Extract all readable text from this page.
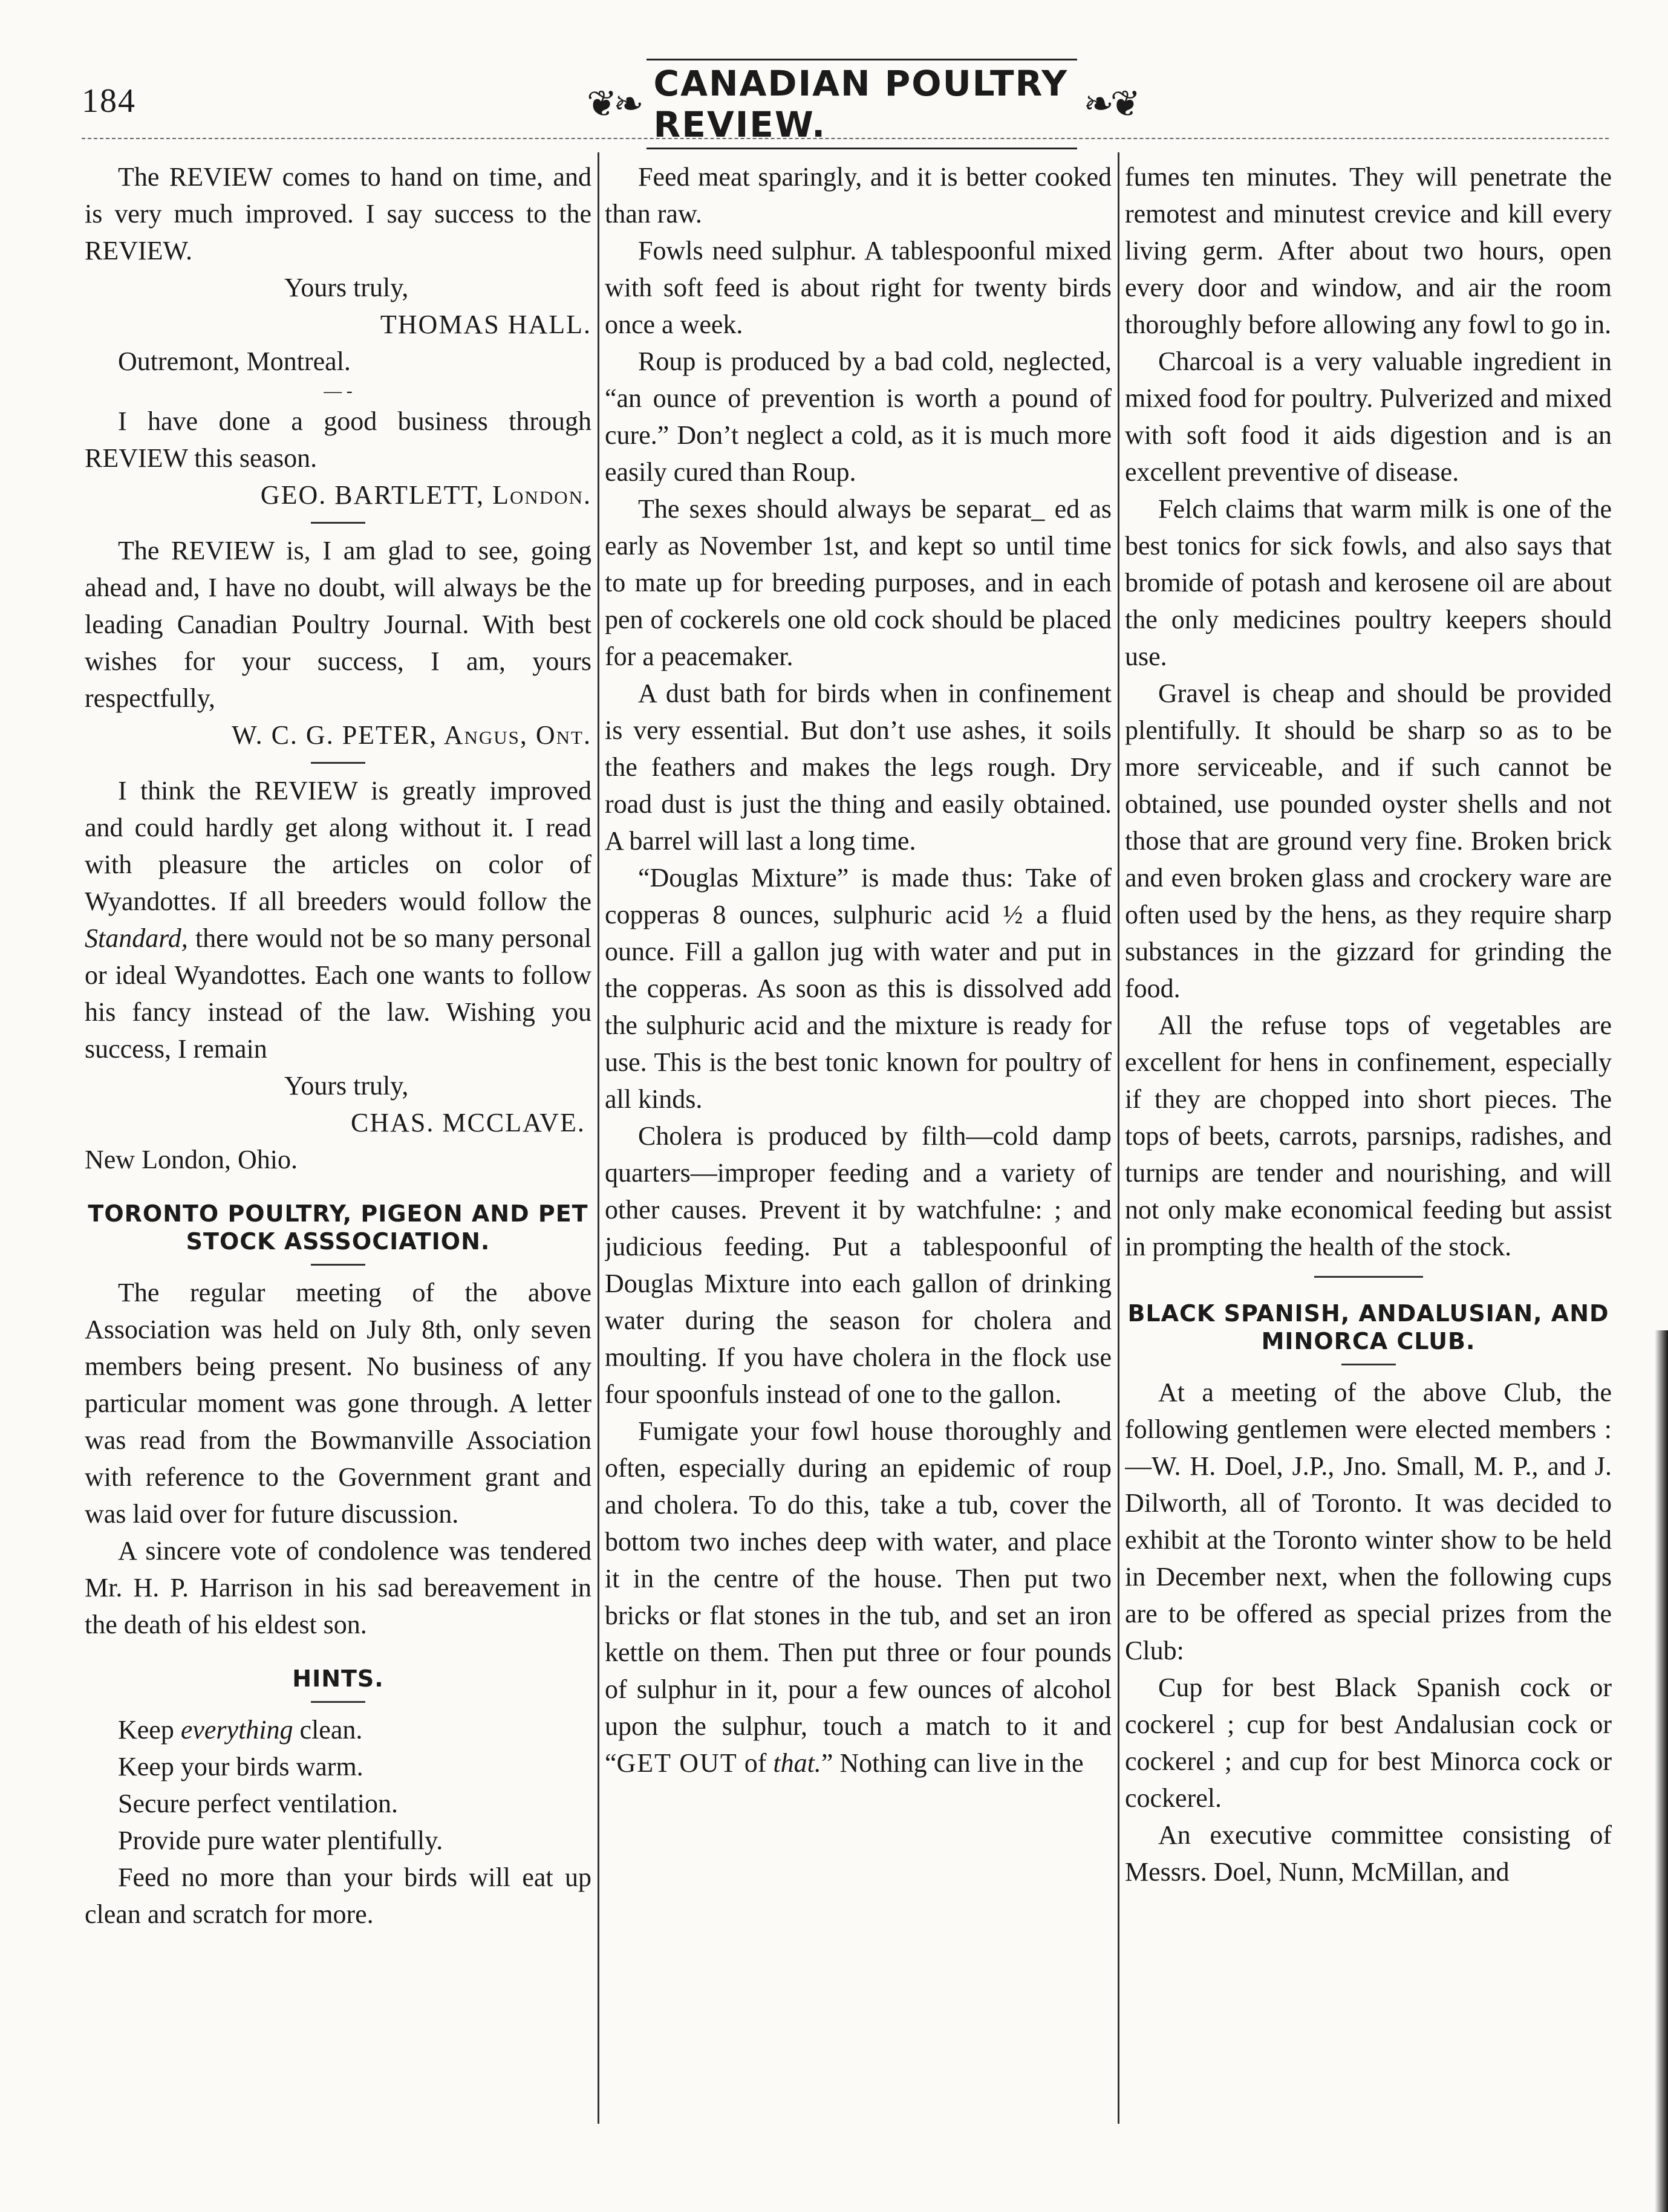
184	❦❧ CANADIAN POULTRY REVIEW.	❧❦

The REVIEW comes to hand on time, and is very much improved. I say success to the REVIEW.

Yours truly,

THOMAS HALL.

Outremont, Montreal.

— -

I have done a good business through REVIEW this season.

GEO. BARTLETT, London.

The REVIEW is, I am glad to see, going ahead and, I have no doubt, will always be the leading Canadian Poultry Journal. With best wishes for your success, I am, yours respectfully,

W. C. G. PETER, Angus, Ont.

I think the REVIEW is greatly improved and could hardly get along without it. I read with pleasure the articles on color of Wyandottes. If all breeders would follow the Standard, there would not be so many personal or ideal Wyandottes. Each one wants to follow his fancy instead of the law. Wishing you success, I remain

Yours truly,

CHAS. MCCLAVE.

New London, Ohio.

TORONTO POULTRY, PIGEON AND PET STOCK ASSSOCIATION.

The regular meeting of the above Association was held on July 8th, only seven members being present. No business of any particular moment was gone through. A letter was read from the Bowmanville Association with reference to the Government grant and was laid over for future discussion.

A sincere vote of condolence was tendered Mr. H. P. Harrison in his sad bereavement in the death of his eldest son.

HINTS.

Keep everything clean.

Keep your birds warm.

Secure perfect ventilation.

Provide pure water plentifully.

Feed no more than your birds will eat up clean and scratch for more.

Feed meat sparingly, and it is better cooked than raw.

Fowls need sulphur. A tablespoonful mixed with soft feed is about right for twenty birds once a week.

Roup is produced by a bad cold, neglected, “an ounce of prevention is worth a pound of cure.” Don’t neglect a cold, as it is much more easily cured than Roup.

The sexes should always be separat_ ed as early as November 1st, and kept so until time to mate up for breeding purposes, and in each pen of cockerels one old cock should be placed for a peacemaker.

A dust bath for birds when in confinement is very essential. But don’t use ashes, it soils the feathers and makes the legs rough. Dry road dust is just the thing and easily obtained. A barrel will last a long time.

“Douglas Mixture” is made thus: Take of copperas 8 ounces, sulphuric acid ½ a fluid ounce. Fill a gallon jug with water and put in the copperas. As soon as this is dissolved add the sulphuric acid and the mixture is ready for use. This is the best tonic known for poultry of all kinds.

Cholera is produced by filth—cold damp quarters—improper feeding and a variety of other causes. Prevent it by watchfulne: ; and judicious feeding. Put a tablespoonful of Douglas Mixture into each gallon of drinking water during the season for cholera and moulting. If you have cholera in the flock use four spoonfuls instead of one to the gallon.

Fumigate your fowl house thoroughly and often, especially during an epidemic of roup and cholera. To do this, take a tub, cover the bottom two inches deep with water, and place it in the centre of the house. Then put two bricks or flat stones in the tub, and set an iron kettle on them. Then put three or four pounds of sulphur in it, pour a few ounces of alcohol upon the sulphur, touch a match to it and “GET OUT of that.” Nothing can live in the

fumes ten minutes. They will penetrate the remotest and minutest crevice and kill every living germ. After about two hours, open every door and window, and air the room thoroughly before allowing any fowl to go in.

Charcoal is a very valuable ingredient in mixed food for poultry. Pulverized and mixed with soft food it aids digestion and is an excellent preventive of disease.

Felch claims that warm milk is one of the best tonics for sick fowls, and also says that bromide of potash and kerosene oil are about the only medicines poultry keepers should use.

Gravel is cheap and should be provided plentifully. It should be sharp so as to be more serviceable, and if such cannot be obtained, use pounded oyster shells and not those that are ground very fine. Broken brick and even broken glass and crockery ware are often used by the hens, as they require sharp substances in the gizzard for grinding the food.

All the refuse tops of vegetables are excellent for hens in confinement, especially if they are chopped into short pieces. The tops of beets, carrots, parsnips, radishes, and turnips are tender and nourishing, and will not only make economical feeding but assist in prompting the health of the stock.

BLACK SPANISH, ANDALUSIAN, AND MINORCA CLUB.

At a meeting of the above Club, the following gentlemen were elected members :—W. H. Doel, J.P., Jno. Small, M. P., and J. Dilworth, all of Toronto. It was decided to exhibit at the Toronto winter show to be held in December next, when the following cups are to be offered as special prizes from the Club:

Cup for best Black Spanish cock or cockerel ; cup for best Andalusian cock or cockerel ; and cup for best Minorca cock or cockerel.

An executive committee consisting of Messrs. Doel, Nunn, McMillan, and
